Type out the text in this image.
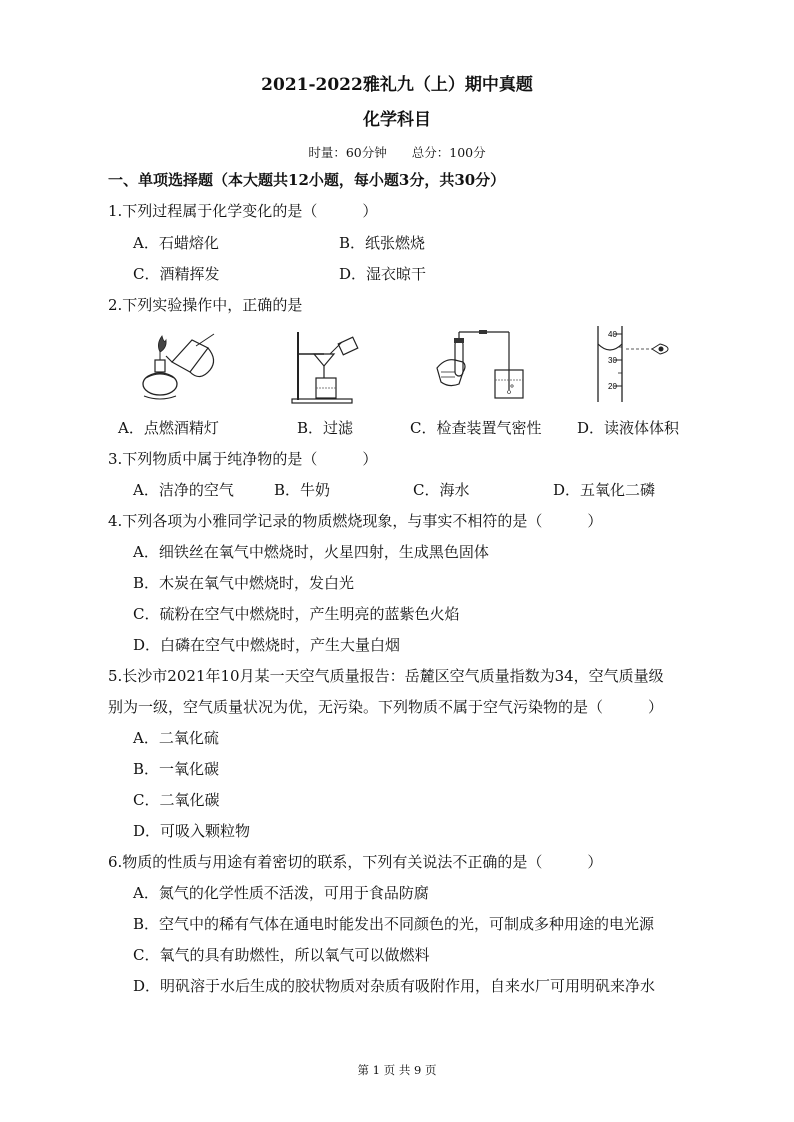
2021-2022雅礼九（上）期中真题
化学科目
时量：60分钟　　总分：100分
一、单项选择题（本大题共12小题，每小题3分，共30分）
1.下列过程属于化学变化的是（　　　）
A．石蜡熔化	B．纸张燃烧
C．酒精挥发	D．湿衣晾干
2.下列实验操作中，正确的是
40
30
20
A．点燃酒精灯	B．过滤	C．检查装置气密性 D．读液体体积
3.下列物质中属于纯净物的是（　　　）
A．洁净的空气	B．牛奶	C．海水	D．五氧化二磷
4.下列各项为小雅同学记录的物质燃烧现象，与事实不相符的是（　　　）
A．细铁丝在氧气中燃烧时，火星四射，生成黑色固体
B．木炭在氧气中燃烧时，发白光
C．硫粉在空气中燃烧时，产生明亮的蓝紫色火焰
D．白磷在空气中燃烧时，产生大量白烟
5.长沙市2021年10月某一天空气质量报告：岳麓区空气质量指数为34，空气质量级
别为一级，空气质量状况为优，无污染。下列物质不属于空气污染物的是（　　　）
A．二氧化硫
B．一氧化碳
C．二氧化碳
D．可吸入颗粒物
6.物质的性质与用途有着密切的联系，下列有关说法不正确的是（　　　）
A．氮气的化学性质不活泼，可用于食品防腐
B．空气中的稀有气体在通电时能发出不同颜色的光，可制成多种用途的电光源
C．氧气的具有助燃性，所以氧气可以做燃料
D．明矾溶于水后生成的胶状物质对杂质有吸附作用，自来水厂可用明矾来净水
第 1 页 共 9 页
